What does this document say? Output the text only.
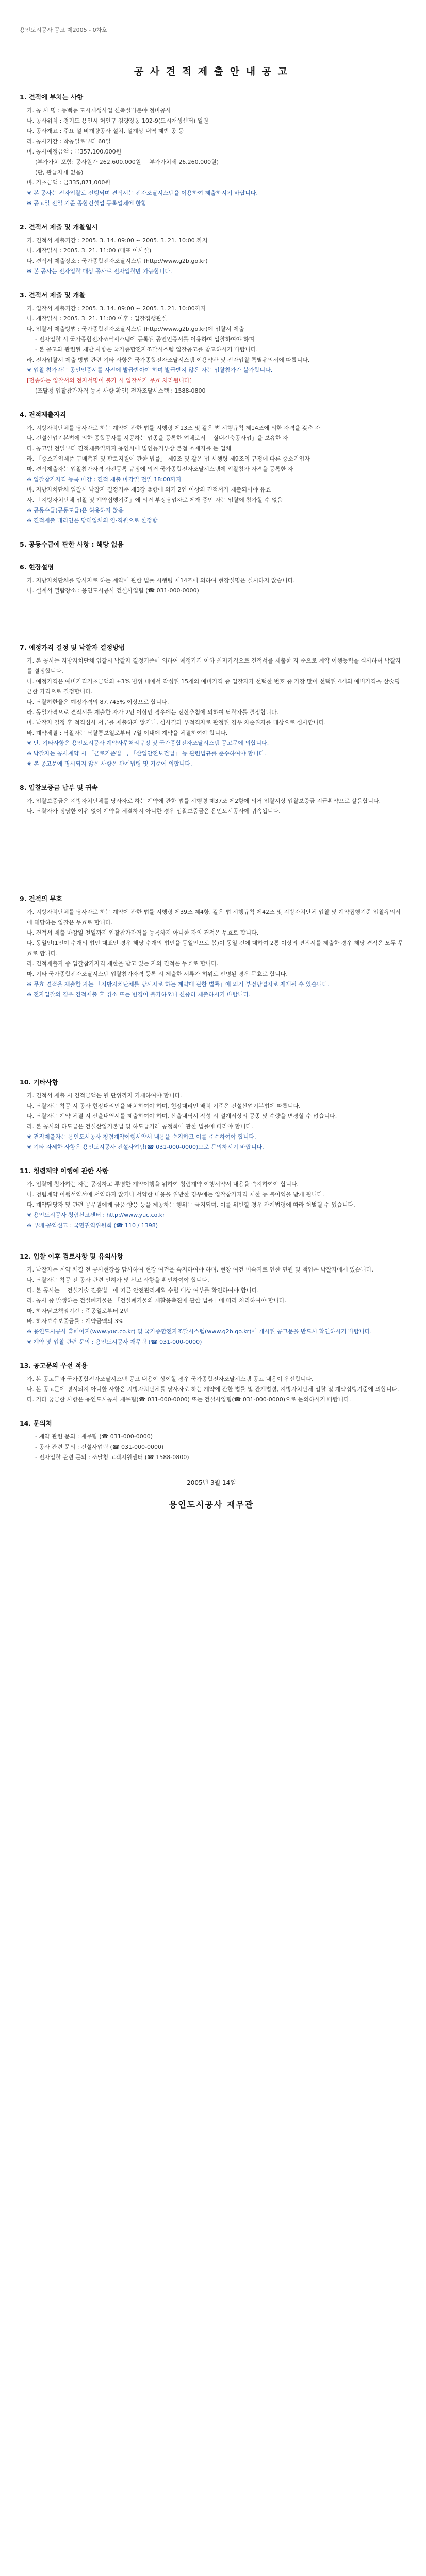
용인도시공사 공고 제2005 - 0차호
공 사 견 적 제 출 안 내 공 고
1. 견적에 부치는 사항
가. 공 사 명 : 동백동 도시재생사업 신축설비분야 정비공사
나. 공사위치 : 경기도 용인시 처인구 김량장동 102-9(도시재생센터) 일원
다. 공사개요 : 주요 설 비개량공사 설치, 설계상 내역 제반 공 등
라. 공사기간 : 착공일로부터 60일
마. 공사예정금액 : 금357,100,000원
(부가가치 포함: 공사원가 262,600,000원 + 부가가치세 26,260,000원)
(단, 관급자재 없음)
바. 기초금액 : 금335,871,000원
※ 본 공사는 전자입찰로 진행되며 견적서는 전자조달시스템을 이용하여 제출하시기 바랍니다.
※ 공고일 전일 기준 종합건설업 등록업체에 한함
2. 견적서 제출 및 개찰일시
가. 견적서 제출기간 : 2005. 3. 14. 09:00 ~ 2005. 3. 21. 10:00 까지
나. 개찰일시 : 2005. 3. 21. 11:00 (대표 이사실)
다. 견적서 제출장소 : 국가종합전자조달시스템 (http://www.g2b.go.kr)
※ 본 공사는 전자입찰 대상 공사로 전자입찰만 가능합니다.
3. 견적서 제출 및 개찰
가. 입찰서 제출기간 : 2005. 3. 14. 09:00 ~ 2005. 3. 21. 10:00까지
나. 개찰일시 : 2005. 3. 21. 11:00 이후 : 입찰집행관실
다. 입찰서 제출방법 : 국가종합전자조달시스템 (http://www.g2b.go.kr)에 입찰서 제출
- 전자입찰 시 국가종합전자조달시스템에 등록된 공인인증서를 이용하여 입찰하여야 하며
- 본 공고와 관련된 제반 사항은 국가종합전자조달시스템 입찰공고를 참고하시기 바랍니다.
라. 전자입찰서 제출 방법 관련 기타 사항은 국가종합전자조달시스템 이용약관 및 전자입찰 특별유의서에 따릅니다.
※ 입찰 참가자는 공인인증서를 사전에 발급받아야 하며 발급받지 않은 자는 입찰참가가 불가합니다.
[전송하는 입찰서의 전자서명이 불가 시 입찰서가 무효 처리됩니다]
(조달청 입찰참가자격 등록 사항 확인) 전자조달시스템 : 1588-0800
4. 견적제출자격
가. 지방자치단체를 당사자로 하는 계약에 관한 법률 시행령 제13조 및 같은 법 시행규칙 제14조에 의한 자격을 갖춘 자
나. 건설산업기본법에 의한 종합공사를 시공하는 업종을 등록한 업체로서 「실내건축공사업」을 보유한 자
다. 공고일 전일부터 견적제출일까지 용인시에 법인등기부상 본점 소재지를 둔 업체
라. 「중소기업제품 구매촉진 및 판로지원에 관한 법률」 제9조 및 같은 법 시행령 제9조의 규정에 따른 중소기업자
마. 견적제출자는 입찰참가자격 사전등록 규정에 의거 국가종합전자조달시스템에 입찰참가 자격을 등록한 자
※ 입찰참가자격 등록 마감 : 견적 제출 마감일 전일 18:00까지
바. 지방자치단체 입찰시 낙찰자 결정기준 제3장 ②항에 의거 2인 이상의 견적서가 제출되어야 유효
사. 「지방자치단체 입찰 및 계약집행기준」에 의거 부정당업자로 제재 중인 자는 입찰에 참가할 수 없음
※ 공동수급(공동도급)은 허용하지 않음
※ 견적제출 대리인은 당해업체의 임·직원으로 한정함
5. 공동수급에 관한 사항 : 해당 없음
6. 현장설명
가. 지방자치단체를 당사자로 하는 계약에 관한 법률 시행령 제14조에 의하여 현장설명은 실시하지 않습니다.
나. 설계서 열람장소 : 용인도시공사 건설사업팀 (☎ 031-000-0000)
7. 예정가격 결정 및 낙찰자 결정방법
가. 본 공사는 지방자치단체 입찰시 낙찰자 결정기준에 의하여 예정가격 이하 최저가격으로 견적서를 제출한 자 순으로 계약 이행능력을 심사하여 낙찰자를 결정합니다.
나. 예정가격은 예비가격기초금액의 ±3% 범위 내에서 작성된 15개의 예비가격 중 입찰자가 선택한 번호 중 가장 많이 선택된 4개의 예비가격을 산술평균한 가격으로 결정합니다.
다. 낙찰하한율은 예정가격의 87.745% 이상으로 합니다.
라. 동일가격으로 견적서를 제출한 자가 2인 이상인 경우에는 전산추첨에 의하여 낙찰자를 결정합니다.
마. 낙찰자 결정 후 적격심사 서류를 제출하지 않거나, 심사결과 부적격자로 판정된 경우 차순위자를 대상으로 심사합니다.
바. 계약체결 : 낙찰자는 낙찰통보일로부터 7일 이내에 계약을 체결하여야 합니다.
※ 단, 기타사항은 용인도시공사 계약사무처리규정 및 국가종합전자조달시스템 공고문에 의합니다.
※ 낙찰자는 공사계약 시 「근로기준법」, 「산업안전보건법」 등 관련법규를 준수하여야 합니다.
※ 본 공고문에 명시되지 않은 사항은 관계법령 및 기준에 의합니다.
8. 입찰보증금 납부 및 귀속
가. 입찰보증금은 지방자치단체를 당사자로 하는 계약에 관한 법률 시행령 제37조 제2항에 의거 입찰서상 입찰보증금 지급확약으로 갈음합니다.
나. 낙찰자가 정당한 이유 없이 계약을 체결하지 아니한 경우 입찰보증금은 용인도시공사에 귀속됩니다.
9. 견적의 무효
가. 지방자치단체를 당사자로 하는 계약에 관한 법률 시행령 제39조 제4항, 같은 법 시행규칙 제42조 및 지방자치단체 입찰 및 계약집행기준 입찰유의서에 해당하는 입찰은 무효로 합니다.
나. 견적서 제출 마감일 전일까지 입찰참가자격을 등록하지 아니한 자의 견적은 무효로 합니다.
다. 동일인(1인이 수개의 법인 대표인 경우 해당 수개의 법인을 동일인으로 봄)이 동일 건에 대하여 2통 이상의 견적서를 제출한 경우 해당 견적은 모두 무효로 합니다.
라. 견적제출자 중 입찰참가자격 제한을 받고 있는 자의 견적은 무효로 합니다.
마. 기타 국가종합전자조달시스템 입찰참가자격 등록 시 제출한 서류가 허위로 판명된 경우 무효로 합니다.
※ 무효 견적을 제출한 자는 「지방자치단체를 당사자로 하는 계약에 관한 법률」에 의거 부정당업자로 제재될 수 있습니다.
※ 전자입찰의 경우 견적제출 후 취소 또는 변경이 불가하오니 신중히 제출하시기 바랍니다.
10. 기타사항
가. 견적서 제출 시 견적금액은 원 단위까지 기재하여야 합니다.
나. 낙찰자는 착공 시 공사 현장대리인을 배치하여야 하며, 현장대리인 배치 기준은 건설산업기본법에 따릅니다.
다. 낙찰자는 계약 체결 시 산출내역서를 제출하여야 하며, 산출내역서 작성 시 설계서상의 공종 및 수량을 변경할 수 없습니다.
라. 본 공사의 하도급은 건설산업기본법 및 하도급거래 공정화에 관한 법률에 따라야 합니다.
※ 견적제출자는 용인도시공사 청렴계약이행서약서 내용을 숙지하고 이를 준수하여야 합니다.
※ 기타 자세한 사항은 용인도시공사 건설사업팀(☎ 031-000-0000)으로 문의하시기 바랍니다.
11. 청렴계약 이행에 관한 사항
가. 입찰에 참가하는 자는 공정하고 투명한 계약이행을 위하여 청렴계약 이행서약서 내용을 숙지하여야 합니다.
나. 청렴계약 이행서약서에 서약하지 않거나 서약한 내용을 위반한 경우에는 입찰참가자격 제한 등 불이익을 받게 됩니다.
다. 계약담당자 및 관련 공무원에게 금품·향응 등을 제공하는 행위는 금지되며, 이를 위반할 경우 관계법령에 따라 처벌될 수 있습니다.
※ 용인도시공사 청렴신고센터 : http://www.yuc.co.kr
※ 부패·공익신고 : 국민권익위원회 (☎ 110 / 1398)
12. 입찰 이후 검토사항 및 유의사항
가. 낙찰자는 계약 체결 전 공사현장을 답사하여 현장 여건을 숙지하여야 하며, 현장 여건 미숙지로 인한 민원 및 책임은 낙찰자에게 있습니다.
나. 낙찰자는 착공 전 공사 관련 인허가 및 신고 사항을 확인하여야 합니다.
다. 본 공사는 「건설기술 진흥법」에 따른 안전관리계획 수립 대상 여부를 확인하여야 합니다.
라. 공사 중 발생하는 건설폐기물은 「건설폐기물의 재활용촉진에 관한 법률」에 따라 처리하여야 합니다.
마. 하자담보책임기간 : 준공일로부터 2년
바. 하자보수보증금률 : 계약금액의 3%
※ 용인도시공사 홈페이지(www.yuc.co.kr) 및 국가종합전자조달시스템(www.g2b.go.kr)에 게시된 공고문을 반드시 확인하시기 바랍니다.
※ 계약 및 입찰 관련 문의 : 용인도시공사 재무팀 (☎ 031-000-0000)
13. 공고문의 우선 적용
가. 본 공고문과 국가종합전자조달시스템 공고 내용이 상이할 경우 국가종합전자조달시스템 공고 내용이 우선합니다.
나. 본 공고문에 명시되지 아니한 사항은 지방자치단체를 당사자로 하는 계약에 관한 법률 및 관계법령, 지방자치단체 입찰 및 계약집행기준에 의합니다.
다. 기타 궁금한 사항은 용인도시공사 재무팀(☎ 031-000-0000) 또는 건설사업팀(☎ 031-000-0000)으로 문의하시기 바랍니다.
14. 문의처
- 계약 관련 문의 : 재무팀 (☎ 031-000-0000)
- 공사 관련 문의 : 건설사업팀 (☎ 031-000-0000)
- 전자입찰 관련 문의 : 조달청 고객지원센터 (☎ 1588-0800)
2005년 3월 14일
용인도시공사 재무관
